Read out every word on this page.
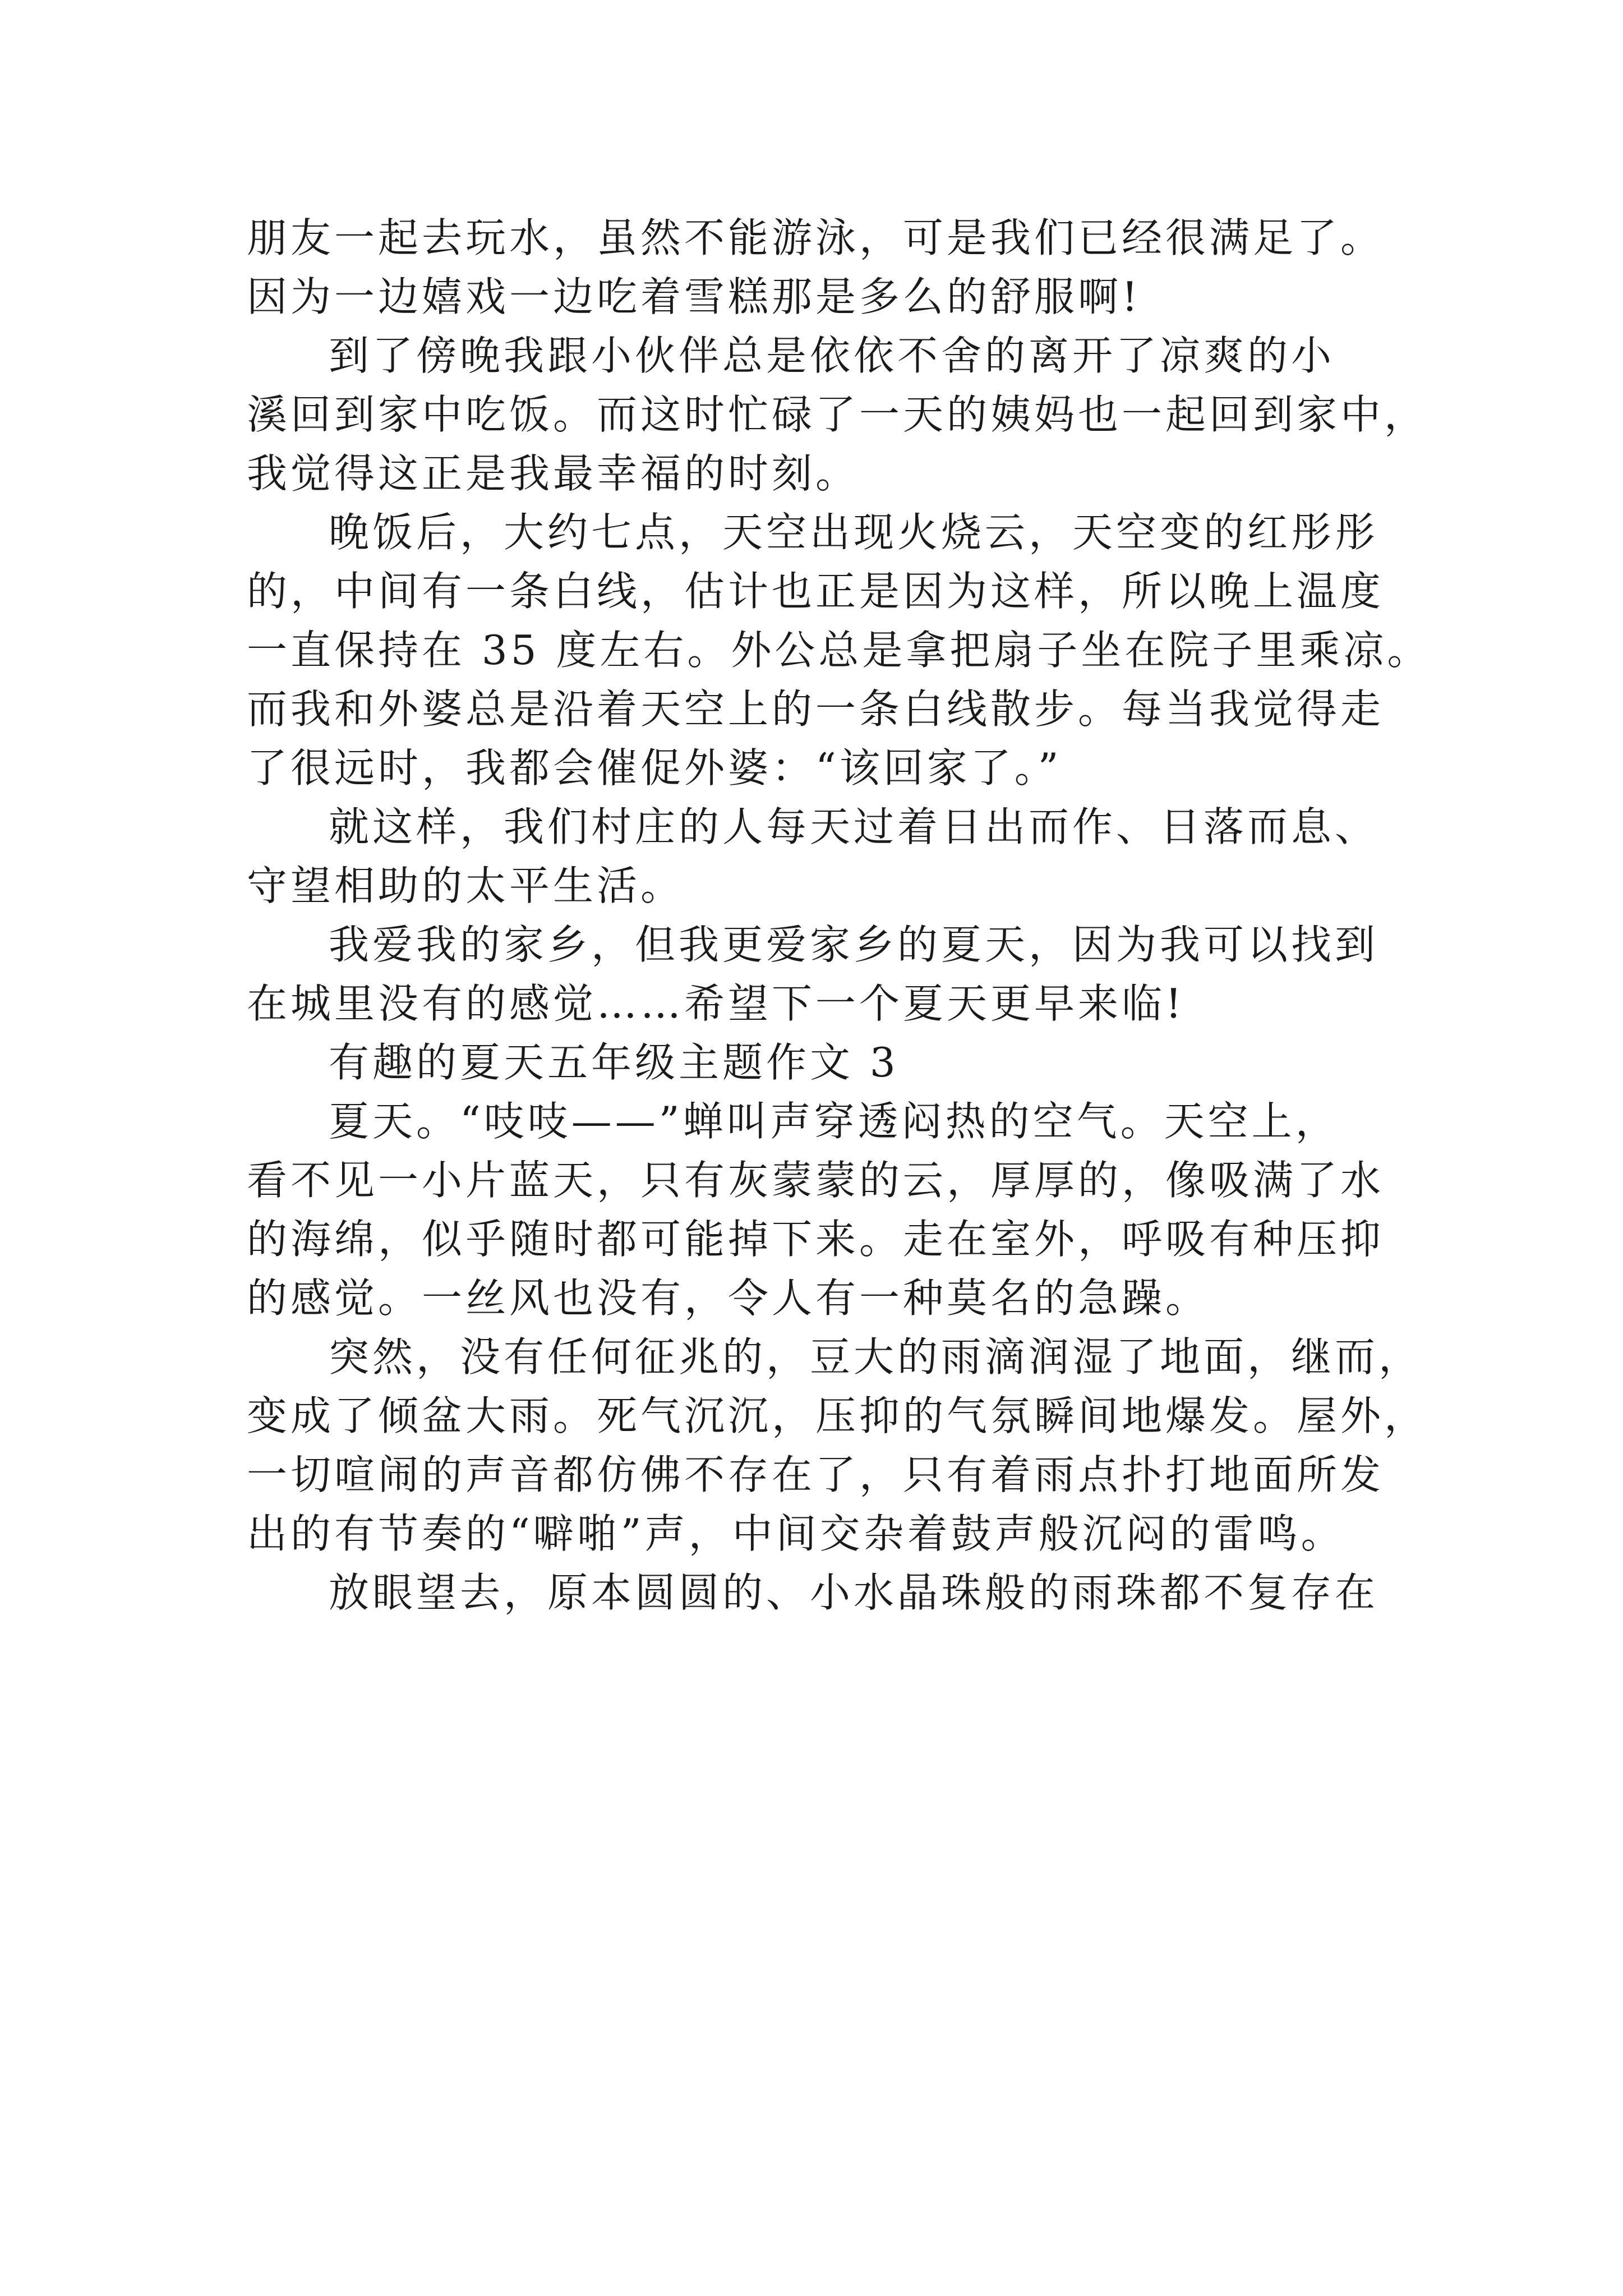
朋友一起去玩水，虽然不能游泳，可是我们已经很满足了。
因为一边嬉戏一边吃着雪糕那是多么的舒服啊!
到了傍晚我跟小伙伴总是依依不舍的离开了凉爽的小
溪回到家中吃饭。而这时忙碌了一天的姨妈也一起回到家中，
我觉得这正是我最幸福的时刻。
晚饭后，大约七点，天空出现火烧云，天空变的红彤彤
的，中间有一条白线，估计也正是因为这样，所以晚上温度
一直保持在 35 度左右。外公总是拿把扇子坐在院子里乘凉。
而我和外婆总是沿着天空上的一条白线散步。每当我觉得走
了很远时，我都会催促外婆：“该回家了。”
就这样，我们村庄的人每天过着日出而作、日落而息、
守望相助的太平生活。
我爱我的家乡，但我更爱家乡的夏天，因为我可以找到
在城里没有的感觉……希望下一个夏天更早来临!
有趣的夏天五年级主题作文 3
夏天。“吱吱——”蝉叫声穿透闷热的空气。天空上，
看不见一小片蓝天，只有灰蒙蒙的云，厚厚的，像吸满了水
的海绵，似乎随时都可能掉下来。走在室外，呼吸有种压抑
的感觉。一丝风也没有，令人有一种莫名的急躁。
突然，没有任何征兆的，豆大的雨滴润湿了地面，继而，
变成了倾盆大雨。死气沉沉，压抑的气氛瞬间地爆发。屋外，
一切喧闹的声音都仿佛不存在了，只有着雨点扑打地面所发
出的有节奏的“噼啪”声，中间交杂着鼓声般沉闷的雷鸣。
放眼望去，原本圆圆的、小水晶珠般的雨珠都不复存在
